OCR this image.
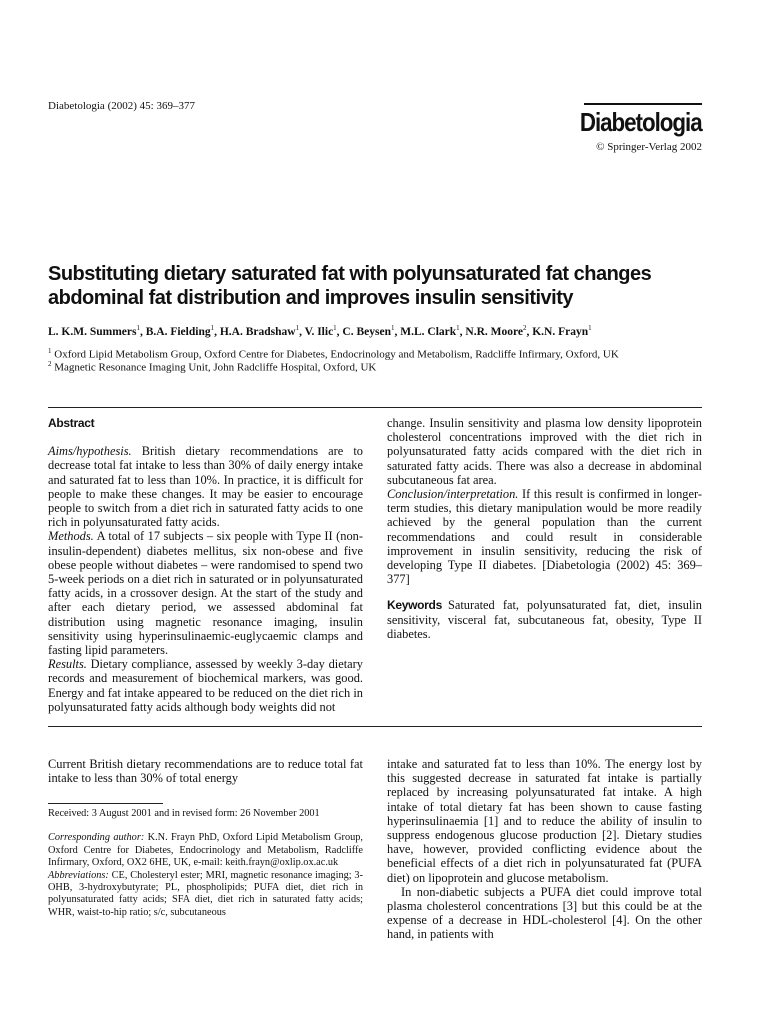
Diabetologia (2002) 45: 369–377
Diabetologia
© Springer-Verlag 2002
Substituting dietary saturated fat with polyunsaturated fat changes abdominal fat distribution and improves insulin sensitivity
L. K.M. Summers$^1$, B.A. Fielding$^1$, H.A. Bradshaw$^1$, V. Ilic$^1$, C. Beysen$^1$, M.L. Clark$^1$, N.R. Moore$^2$, K.N. Frayn$^1$
$^1$ Oxford Lipid Metabolism Group, Oxford Centre for Diabetes, Endocrinology and Metabolism, Radcliffe Infirmary, Oxford, UK
$^2$ Magnetic Resonance Imaging Unit, John Radcliffe Hospital, Oxford, UK
Abstract

Aims/hypothesis. British dietary recommendations are to decrease total fat intake to less than 30% of daily energy intake and saturated fat to less than 10%. In practice, it is difficult for people to make these changes. It may be easier to encourage people to switch from a diet rich in saturated fatty acids to one rich in polyunsaturated fatty acids.

Methods. A total of 17 subjects – six people with Type II (non-insulin-dependent) diabetes mellitus, six non-obese and five obese people without diabetes – were randomised to spend two 5-week periods on a diet rich in saturated or in polyunsaturated fatty acids, in a crossover design. At the start of the study and after each dietary period, we assessed abdominal fat distribution using magnetic resonance imaging, insulin sensitivity using hyperinsulinaemic-euglycaemic clamps and fasting lipid parameters.

Results. Dietary compliance, assessed by weekly 3-day dietary records and measurement of biochemical markers, was good. Energy and fat intake appeared to be reduced on the diet rich in polyunsaturated fatty acids although body weights did not

change. Insulin sensitivity and plasma low density lipoprotein cholesterol concentrations improved with the diet rich in polyunsaturated fatty acids compared with the diet rich in saturated fatty acids. There was also a decrease in abdominal subcutaneous fat area.

Conclusion/interpretation. If this result is confirmed in longer-term studies, this dietary manipulation would be more readily achieved by the general population than the current recommendations and could result in considerable improvement in insulin sensitivity, reducing the risk of developing Type II diabetes. [Diabetologia (2002) 45: 369–377]

Keywords Saturated fat, polyunsaturated fat, diet, insulin sensitivity, visceral fat, subcutaneous fat, obesity, Type II diabetes.

Current British dietary recommendations are to reduce total fat intake to less than 30% of total energy

Received: 3 August 2001 and in revised form: 26 November 2001

Corresponding author: K.N. Frayn PhD, Oxford Lipid Metabolism Group, Oxford Centre for Diabetes, Endocrinology and Metabolism, Radcliffe Infirmary, Oxford, OX2 6HE, UK, e-mail: keith.frayn@oxlip.ox.ac.uk

Abbreviations: CE, Cholesteryl ester; MRI, magnetic resonance imaging; 3-OHB, 3-hydroxybutyrate; PL, phospholipids; PUFA diet, diet rich in polyunsaturated fatty acids; SFA diet, diet rich in saturated fatty acids; WHR, waist-to-hip ratio; s/c, subcutaneous

intake and saturated fat to less than 10%. The energy lost by this suggested decrease in saturated fat intake is partially replaced by increasing polyunsaturated fat intake. A high intake of total dietary fat has been shown to cause fasting hyperinsulinaemia [1] and to reduce the ability of insulin to suppress endogenous glucose production [2]. Dietary studies have, however, provided conflicting evidence about the beneficial effects of a diet rich in polyunsaturated fat (PUFA diet) on lipoprotein and glucose metabolism.

In non-diabetic subjects a PUFA diet could improve total plasma cholesterol concentrations [3] but this could be at the expense of a decrease in HDL-cholesterol [4]. On the other hand, in patients with
